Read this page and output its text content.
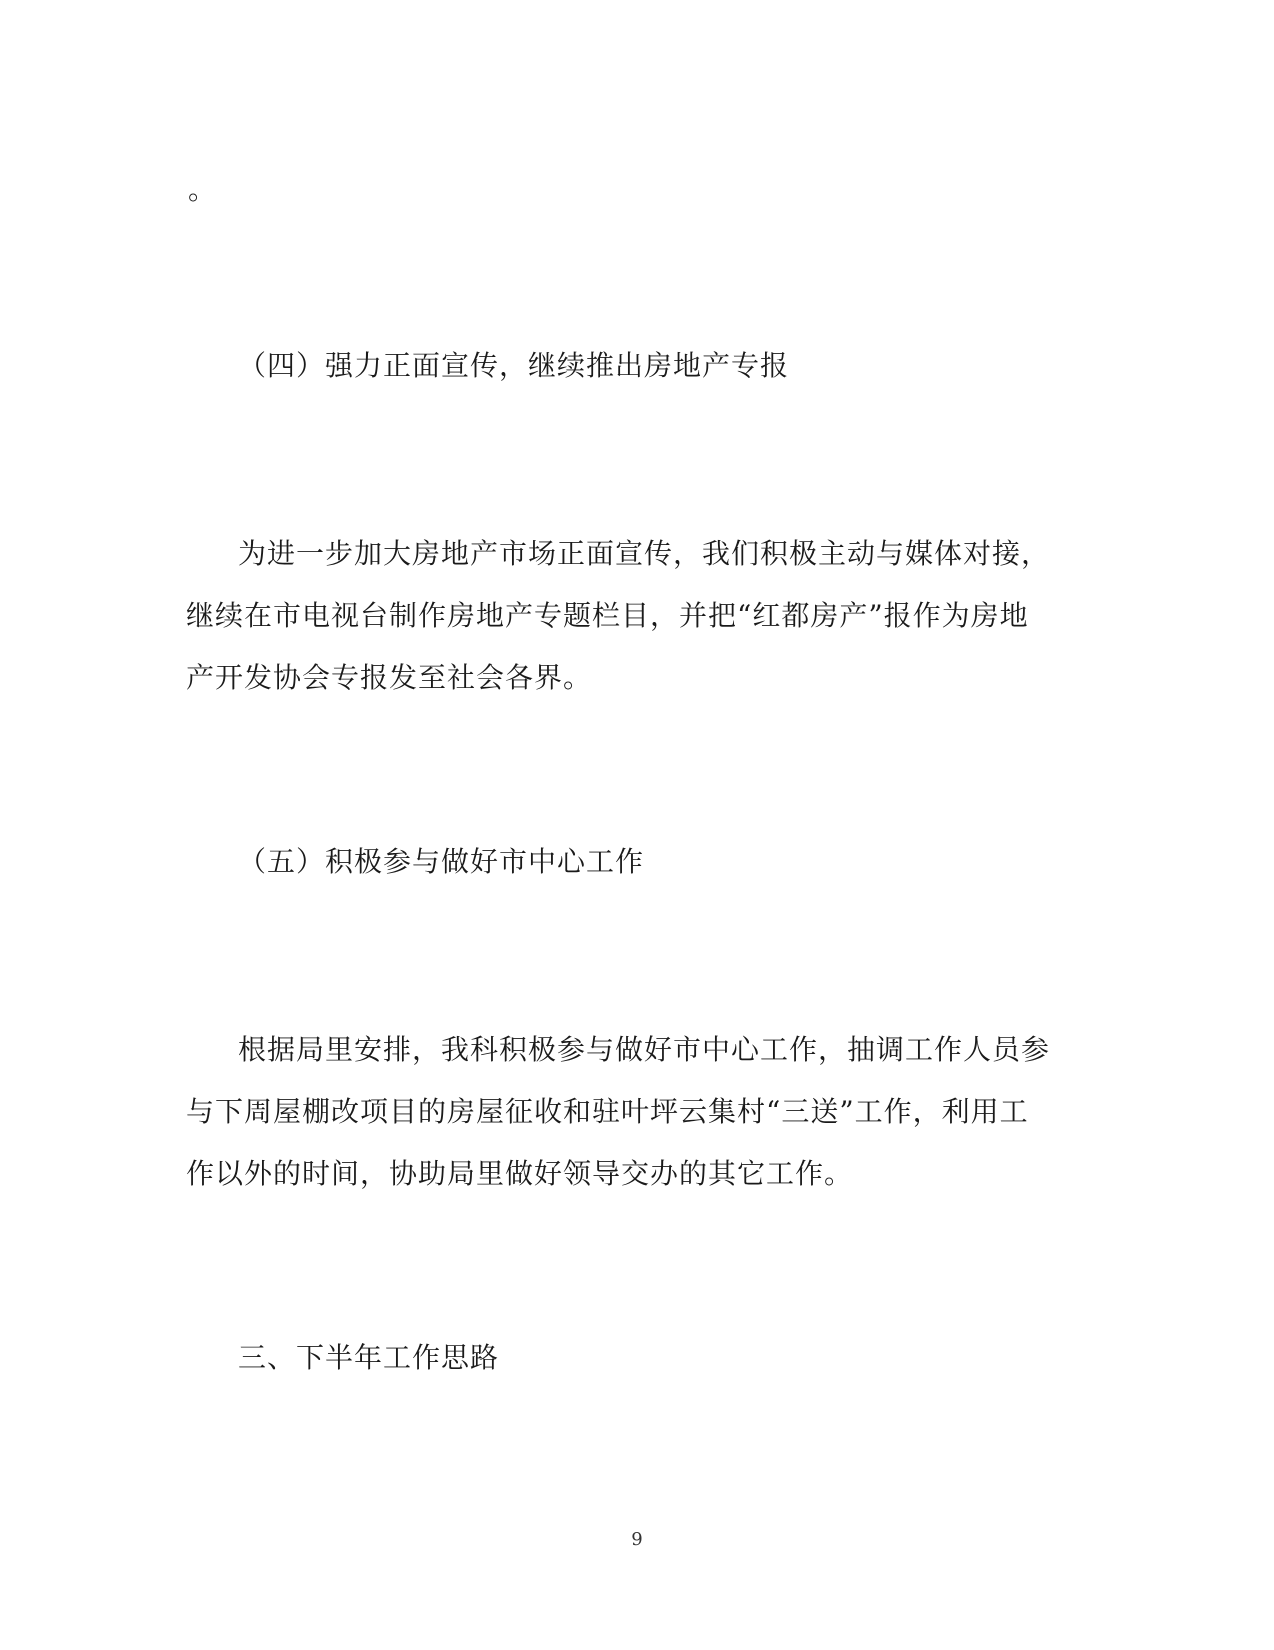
。

（四）强力正面宣传，继续推出房地产专报

为进一步加大房地产市场正面宣传，我们积极主动与媒体对接，

继续在市电视台制作房地产专题栏目，并把“红都房产”报作为房地

产开发协会专报发至社会各界。

（五）积极参与做好市中心工作

根据局里安排，我科积极参与做好市中心工作，抽调工作人员参

与下周屋棚改项目的房屋征收和驻叶坪云集村“三送”工作，利用工

作以外的时间，协助局里做好领导交办的其它工作。

三、下半年工作思路

9
